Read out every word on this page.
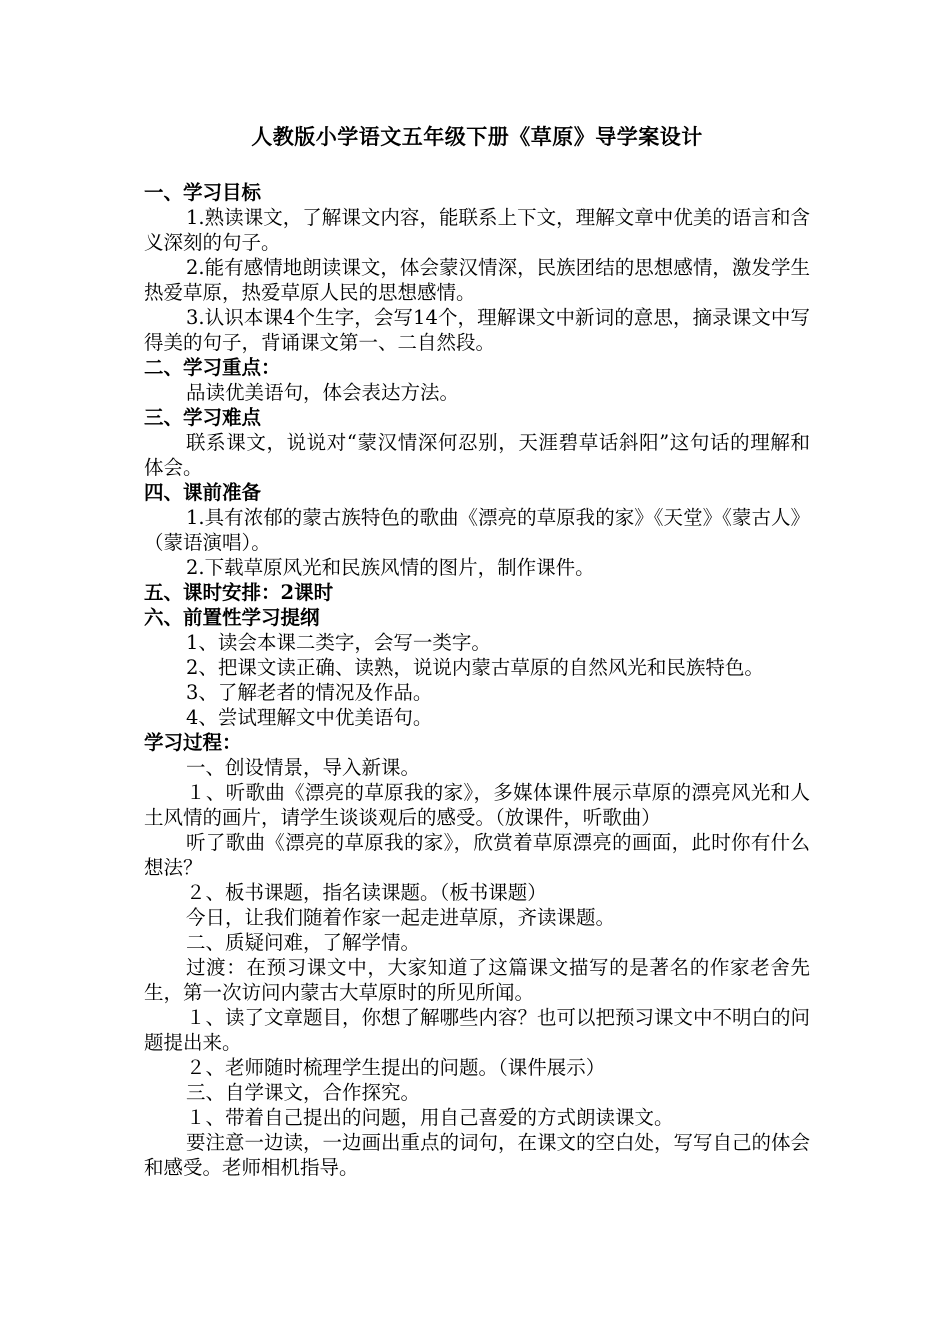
人教版小学语文五年级下册《草原》导学案设计
一、学习目标
1.熟读课文，了解课文内容，能联系上下文，理解文章中优美的语言和含义深刻的句子。
2.能有感情地朗读课文，体会蒙汉情深，民族团结的思想感情，激发学生热爱草原，热爱草原人民的思想感情。
3.认识本课4个生字，会写14个，理解课文中新词的意思，摘录课文中写得美的句子，背诵课文第一、二自然段。
二、学习重点：
品读优美语句，体会表达方法。
三、学习难点
联系课文，说说对“蒙汉情深何忍别，天涯碧草话斜阳”这句话的理解和体会。
四、课前准备
1.具有浓郁的蒙古族特色的歌曲《漂亮的草原我的家》《天堂》《蒙古人》（蒙语演唱）。
2.下载草原风光和民族风情的图片，制作课件。
五、课时安排：2课时
六、前置性学习提纲
1、读会本课二类字，会写一类字。
2、把课文读正确、读熟，说说内蒙古草原的自然风光和民族特色。
3、了解老者的情况及作品。
4、尝试理解文中优美语句。
学习过程：
一、创设情景，导入新课。
１、听歌曲《漂亮的草原我的家》，多媒体课件展示草原的漂亮风光和人土风情的画片，请学生谈谈观后的感受。（放课件，听歌曲）
听了歌曲《漂亮的草原我的家》，欣赏着草原漂亮的画面，此时你有什么想法？
２、板书课题，指名读课题。（板书课题）
今日，让我们随着作家一起走进草原，齐读课题。
二、质疑问难，了解学情。
过渡：在预习课文中，大家知道了这篇课文描写的是著名的作家老舍先生，第一次访问内蒙古大草原时的所见所闻。
１、读了文章题目，你想了解哪些内容？也可以把预习课文中不明白的问题提出来。
２、老师随时梳理学生提出的问题。（课件展示）
三、自学课文，合作探究。
１、带着自己提出的问题，用自己喜爱的方式朗读课文。
要注意一边读，一边画出重点的词句，在课文的空白处，写写自己的体会和感受。老师相机指导。
